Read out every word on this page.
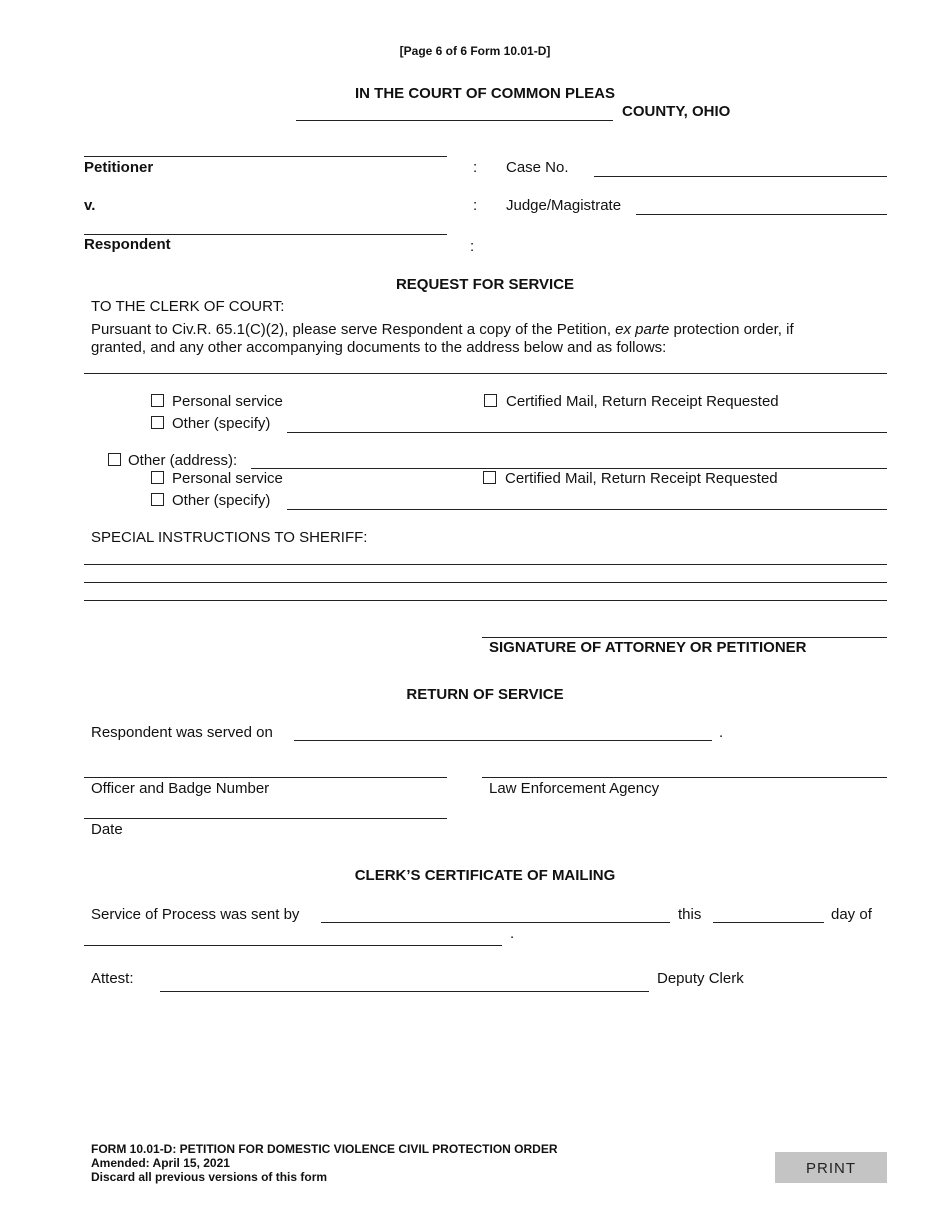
[Page 6 of 6 Form 10.01-D]
IN THE COURT OF COMMON PLEAS
COUNTY, OHIO
Petitioner	: Case No.
v.	: Judge/Magistrate
Respondent	:
REQUEST FOR SERVICE
TO THE CLERK OF COURT:
Pursuant to Civ.R. 65.1(C)(2), please serve Respondent a copy of the Petition, ex parte protection order, if
granted, and any other accompanying documents to the address below and as follows:
Personal service	Certified Mail, Return Receipt Requested
Other (specify)
Other (address):
Personal service	Certified Mail, Return Receipt Requested
Other (specify)
SPECIAL INSTRUCTIONS TO SHERIFF:
SIGNATURE OF ATTORNEY OR PETITIONER
RETURN OF SERVICE
Respondent was served on	.
Officer and Badge Number	Law Enforcement Agency
Date
CLERK’S CERTIFICATE OF MAILING
Service of Process was sent by	this	day of
.
Attest:	Deputy Clerk
FORM 10.01-D: PETITION FOR DOMESTIC VIOLENCE CIVIL PROTECTION ORDER
Amended: April 15, 2021
Discard all previous versions of this form	PRINT
